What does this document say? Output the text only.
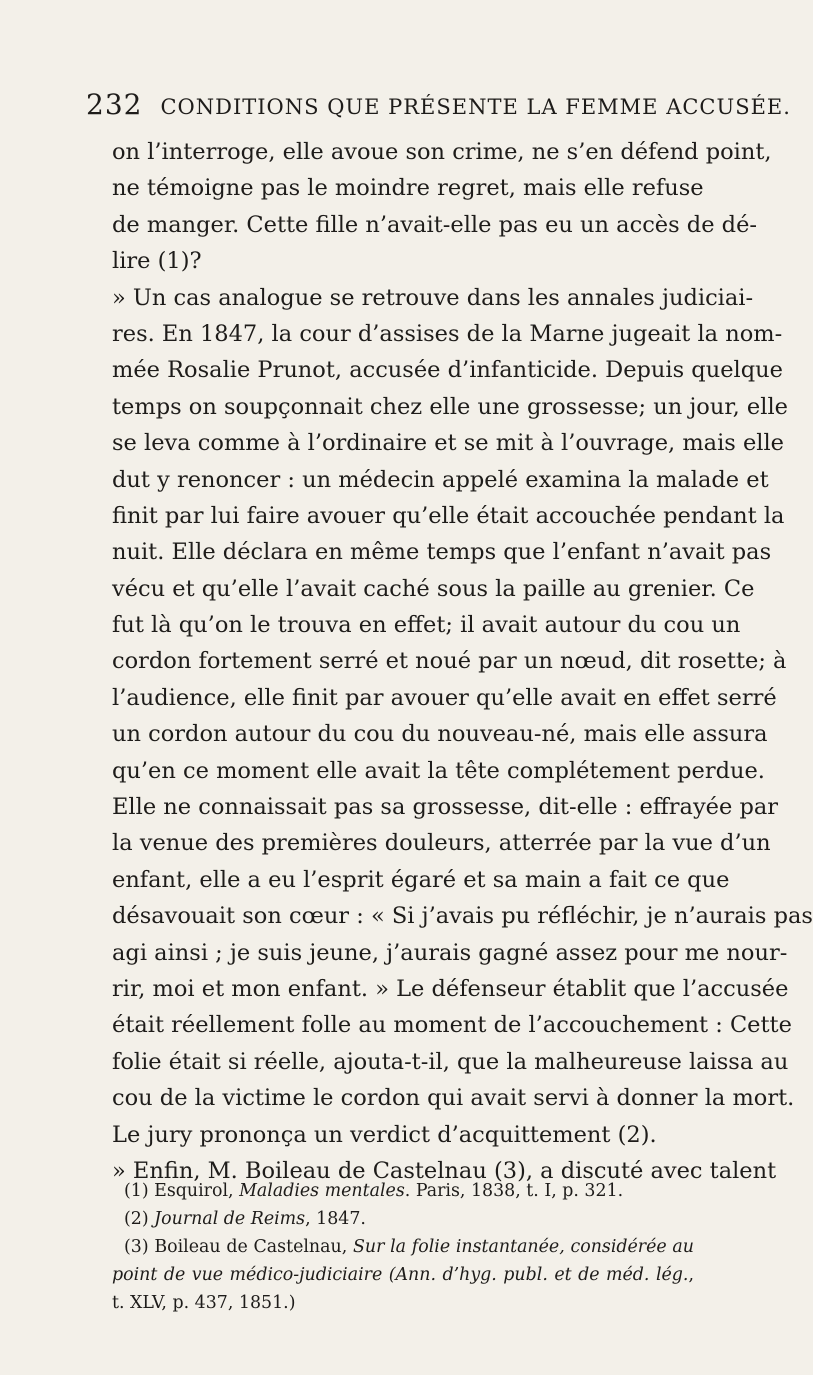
232 CONDITIONS QUE PRÉSENTE LA FEMME ACCUSÉE.
on l’interroge, elle avoue son crime, ne s’en défend point,
ne témoigne pas le moindre regret, mais elle refuse
de manger. Cette fille n’avait-elle pas eu un accès de dé-
lire (1)?
» Un cas analogue se retrouve dans les annales judiciai-
res. En 1847, la cour d’assises de la Marne jugeait la nom-
mée Rosalie Prunot, accusée d’infanticide. Depuis quelque
temps on soupçonnait chez elle une grossesse; un jour, elle
se leva comme à l’ordinaire et se mit à l’ouvrage, mais elle
dut y renoncer : un médecin appelé examina la malade et
finit par lui faire avouer qu’elle était accouchée pendant la
nuit. Elle déclara en même temps que l’enfant n’avait pas
vécu et qu’elle l’avait caché sous la paille au grenier. Ce
fut là qu’on le trouva en effet; il avait autour du cou un
cordon fortement serré et noué par un nœud, dit rosette; à
l’audience, elle finit par avouer qu’elle avait en effet serré
un cordon autour du cou du nouveau-né, mais elle assura
qu’en ce moment elle avait la tête complétement perdue.
Elle ne connaissait pas sa grossesse, dit-elle : effrayée par
la venue des premières douleurs, atterrée par la vue d’un
enfant, elle a eu l’esprit égaré et sa main a fait ce que
désavouait son cœur : « Si j’avais pu réfléchir, je n’aurais pas
agi ainsi ; je suis jeune, j’aurais gagné assez pour me nour-
rir, moi et mon enfant. » Le défenseur établit que l’accusée
était réellement folle au moment de l’accouchement : Cette
folie était si réelle, ajouta-t-il, que la malheureuse laissa au
cou de la victime le cordon qui avait servi à donner la mort.
Le jury prononça un verdict d’acquittement (2).
» Enfin, M. Boileau de Castelnau (3), a discuté avec talent
(1) Esquirol, Maladies mentales. Paris, 1838, t. I, p. 321.
(2) Journal de Reims, 1847.
(3) Boileau de Castelnau, Sur la folie instantanée, considérée au point de vue médico-judiciaire (Ann. d’hyg. publ. et de méd. lég., t. XLV, p. 437, 1851.)
